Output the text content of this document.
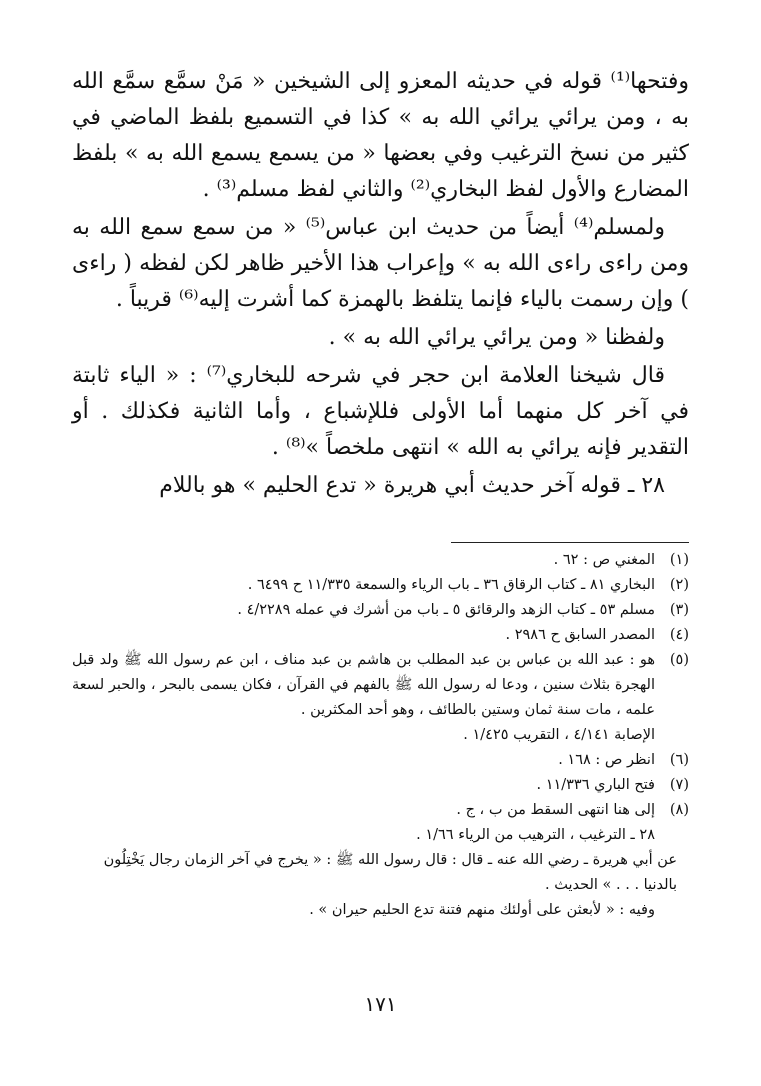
وفتحها⁽¹⁾ قوله في حديثه المعزو إلى الشيخين « مَنْ سمَّع سمَّع الله به ، ومن يرائي يرائي الله به » كذا في التسميع بلفظ الماضي في كثير من نسخ الترغيب وفي بعضها « من يسمع يسمع الله به » بلفظ المضارع والأول لفظ البخاري⁽²⁾ والثاني لفظ مسلم⁽³⁾ .

ولمسلم⁽⁴⁾ أيضاً من حديث ابن عباس⁽⁵⁾ « من سمع سمع الله به ومن راءى راءى الله به » وإعراب هذا الأخير ظاهر لكن لفظه ( راءى ) وإن رسمت بالياء فإنما يتلفظ بالهمزة كما أشرت إليه⁽⁶⁾ قريباً .

ولفظنا « ومن يرائي يرائي الله به » .

قال شيخنا العلامة ابن حجر في شرحه للبخاري⁽⁷⁾ : « الياء ثابتة في آخر كل منهما أما الأولى فللإشباع ، وأما الثانية فكذلك . أو التقدير فإنه يرائي به الله » انتهى ملخصاً »⁽⁸⁾ .

٢٨ ـ قوله آخر حديث أبي هريرة « تدع الحليم » هو باللام

(١)
المغني ص : ٦٢ .
(٢)
البخاري ٨١ ـ كتاب الرقاق ٣٦ ـ باب الرياء والسمعة ١١/٣٣٥ ح ٦٤٩٩ .
(٣)
مسلم ٥٣ ـ كتاب الزهد والرقائق ٥ ـ باب من أشرك في عمله ٤/٢٢٨٩ .
(٤)
المصدر السابق ح ٢٩٨٦ .
(٥)
هو : عبد الله بن عباس بن عبد المطلب بن هاشم بن عبد مناف ، ابن عم رسول الله ﷺ ولد قبل الهجرة بثلاث سنين ، ودعا له رسول الله ﷺ بالفهم في القرآن ، فكان يسمى بالبحر ، والحبر لسعة علمه ، مات سنة ثمان وستين بالطائف ، وهو أحد المكثرين .
الإصابة ٤/١٤١ ، التقريب ١/٤٢٥ .
(٦)
انظر ص : ١٦٨ .
(٧)
فتح الباري ١١/٣٣٦ .
(٨)
إلى هنا انتهى السقط من ب ، ج .
٢٨ ـ الترغيب ، الترهيب من الرياء ١/٦٦ .
عن أبي هريرة ـ رضي الله عنه ـ قال : قال رسول الله ﷺ : « يخرج في آخر الزمان رجال يَخْتِلُون بالدنيا . . . » الحديث .
وفيه : « لأبعثن على أولئك منهم فتنة تدع الحليم حيران » .
١٧١
